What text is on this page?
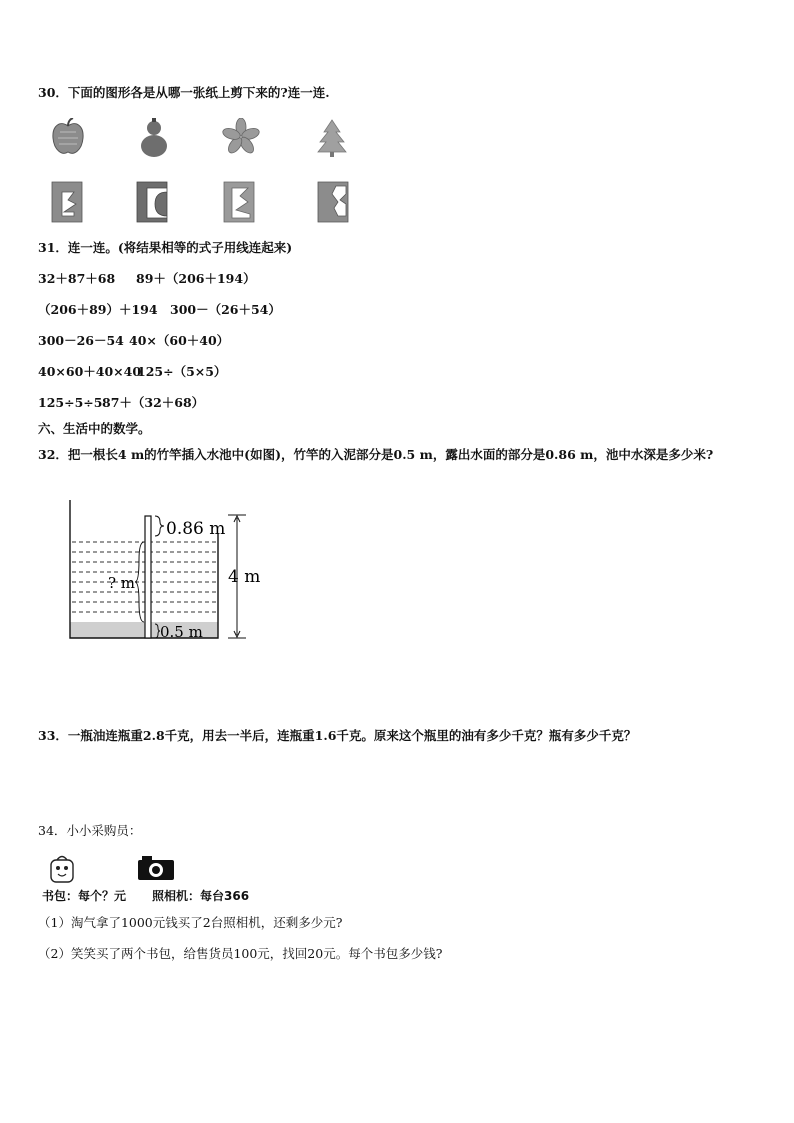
30．下面的图形各是从哪一张纸上剪下来的?连一连.
31．连一连。(将结果相等的式子用线连起来)
32＋87＋68 89＋（206＋194）
（206＋89）＋194 300－（26＋54）
300－26－54 40×（60＋40）
40×60＋40×40
125÷（5×5）
125÷5÷5 87＋（32＋68）
六、生活中的数学。
32．把一根长4 m的竹竿插入水池中(如图)，竹竿的入泥部分是0.5 m，露出水面的部分是0.86 m，池中水深是多少米?
0.86 m
? m
0.5 m
4 m
33．一瓶油连瓶重2.8千克，用去一半后，连瓶重1.6千克。原来这个瓶里的油有多少千克？瓶有多少千克？
34．小小采购员：
书包：每个？元 照相机：每台366
（1）淘气拿了1000元钱买了2台照相机，还剩多少元?
（2）笑笑买了两个书包，给售货员100元，找回20元。每个书包多少钱?
